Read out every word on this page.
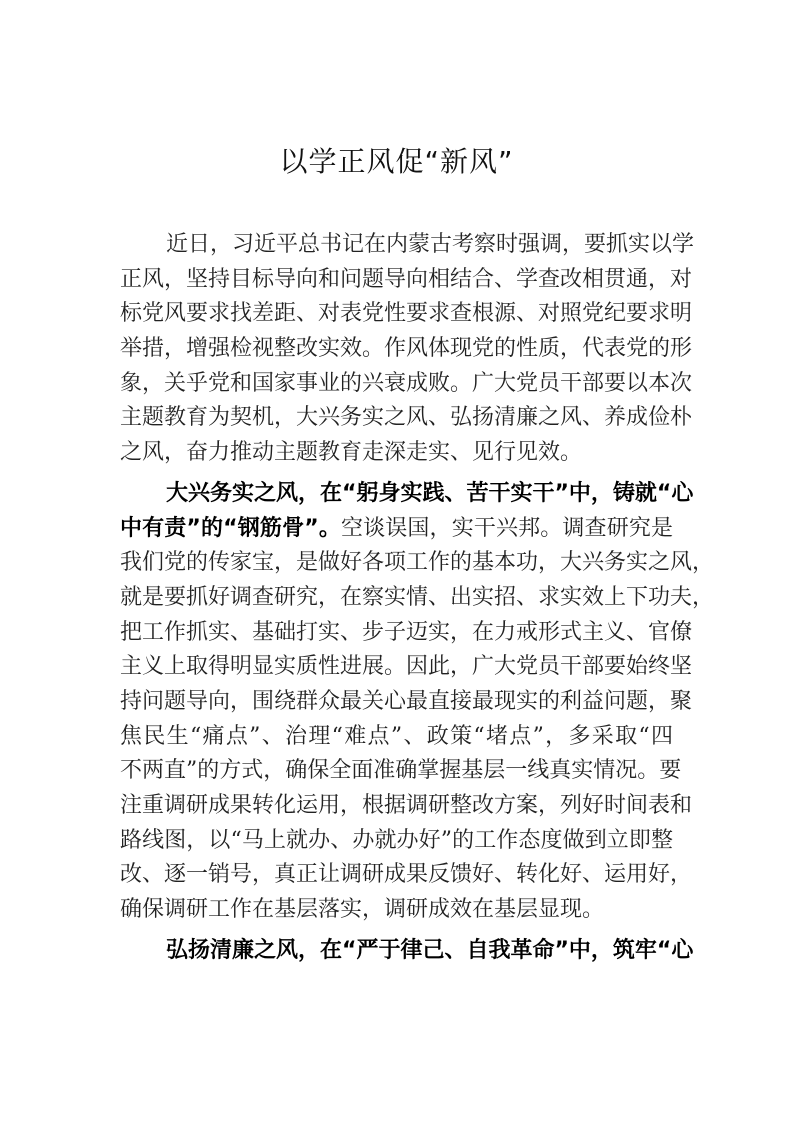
以学正风促“新风”
近日，习近平总书记在内蒙古考察时强调，要抓实以学
正风，坚持目标导向和问题导向相结合、学查改相贯通，对
标党风要求找差距、对表党性要求查根源、对照党纪要求明
举措，增强检视整改实效。作风体现党的性质，代表党的形
象，关乎党和国家事业的兴衰成败。广大党员干部要以本次
主题教育为契机，大兴务实之风、弘扬清廉之风、养成俭朴
之风，奋力推动主题教育走深走实、见行见效。
大兴务实之风，在“躬身实践、苦干实干”中，铸就“心
中有责”的“钢筋骨”。空谈误国，实干兴邦。调查研究是
我们党的传家宝，是做好各项工作的基本功，大兴务实之风，
就是要抓好调查研究，在察实情、出实招、求实效上下功夫，
把工作抓实、基础打实、步子迈实，在力戒形式主义、官僚
主义上取得明显实质性进展。因此，广大党员干部要始终坚
持问题导向，围绕群众最关心最直接最现实的利益问题，聚
焦民生“痛点”、治理“难点”、政策“堵点”，多采取“四
不两直”的方式，确保全面准确掌握基层一线真实情况。要
注重调研成果转化运用，根据调研整改方案，列好时间表和
路线图，以“马上就办、办就办好”的工作态度做到立即整
改、逐一销号，真正让调研成果反馈好、转化好、运用好，
确保调研工作在基层落实，调研成效在基层显现。
弘扬清廉之风，在“严于律己、自我革命”中，筑牢“心
